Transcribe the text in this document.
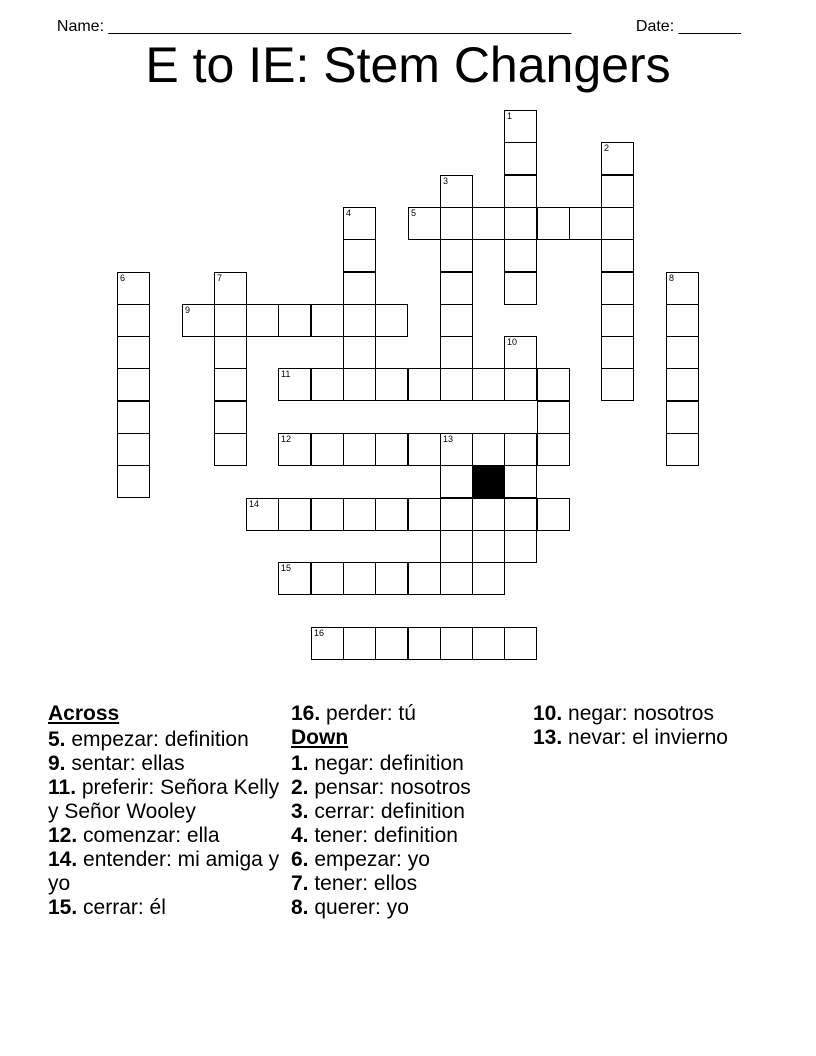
Name: ____________________________________________________	Date: _______

E to IE: Stem Changers
1
2
3
4	5
6	7	8
9
10
11
12	13
14
15
16
Across
5. empezar: definition
9. sentar: ellas
11. preferir: Señora Kelly y Señor Wooley
12. comenzar: ella
14. entender: mi amiga y yo
15. cerrar: él
16. perder: tú
Down
1. negar: definition
2. pensar: nosotros
3. cerrar: definition
4. tener: definition
6. empezar: yo
7. tener: ellos
8. querer: yo
10. negar: nosotros
13. nevar: el invierno
